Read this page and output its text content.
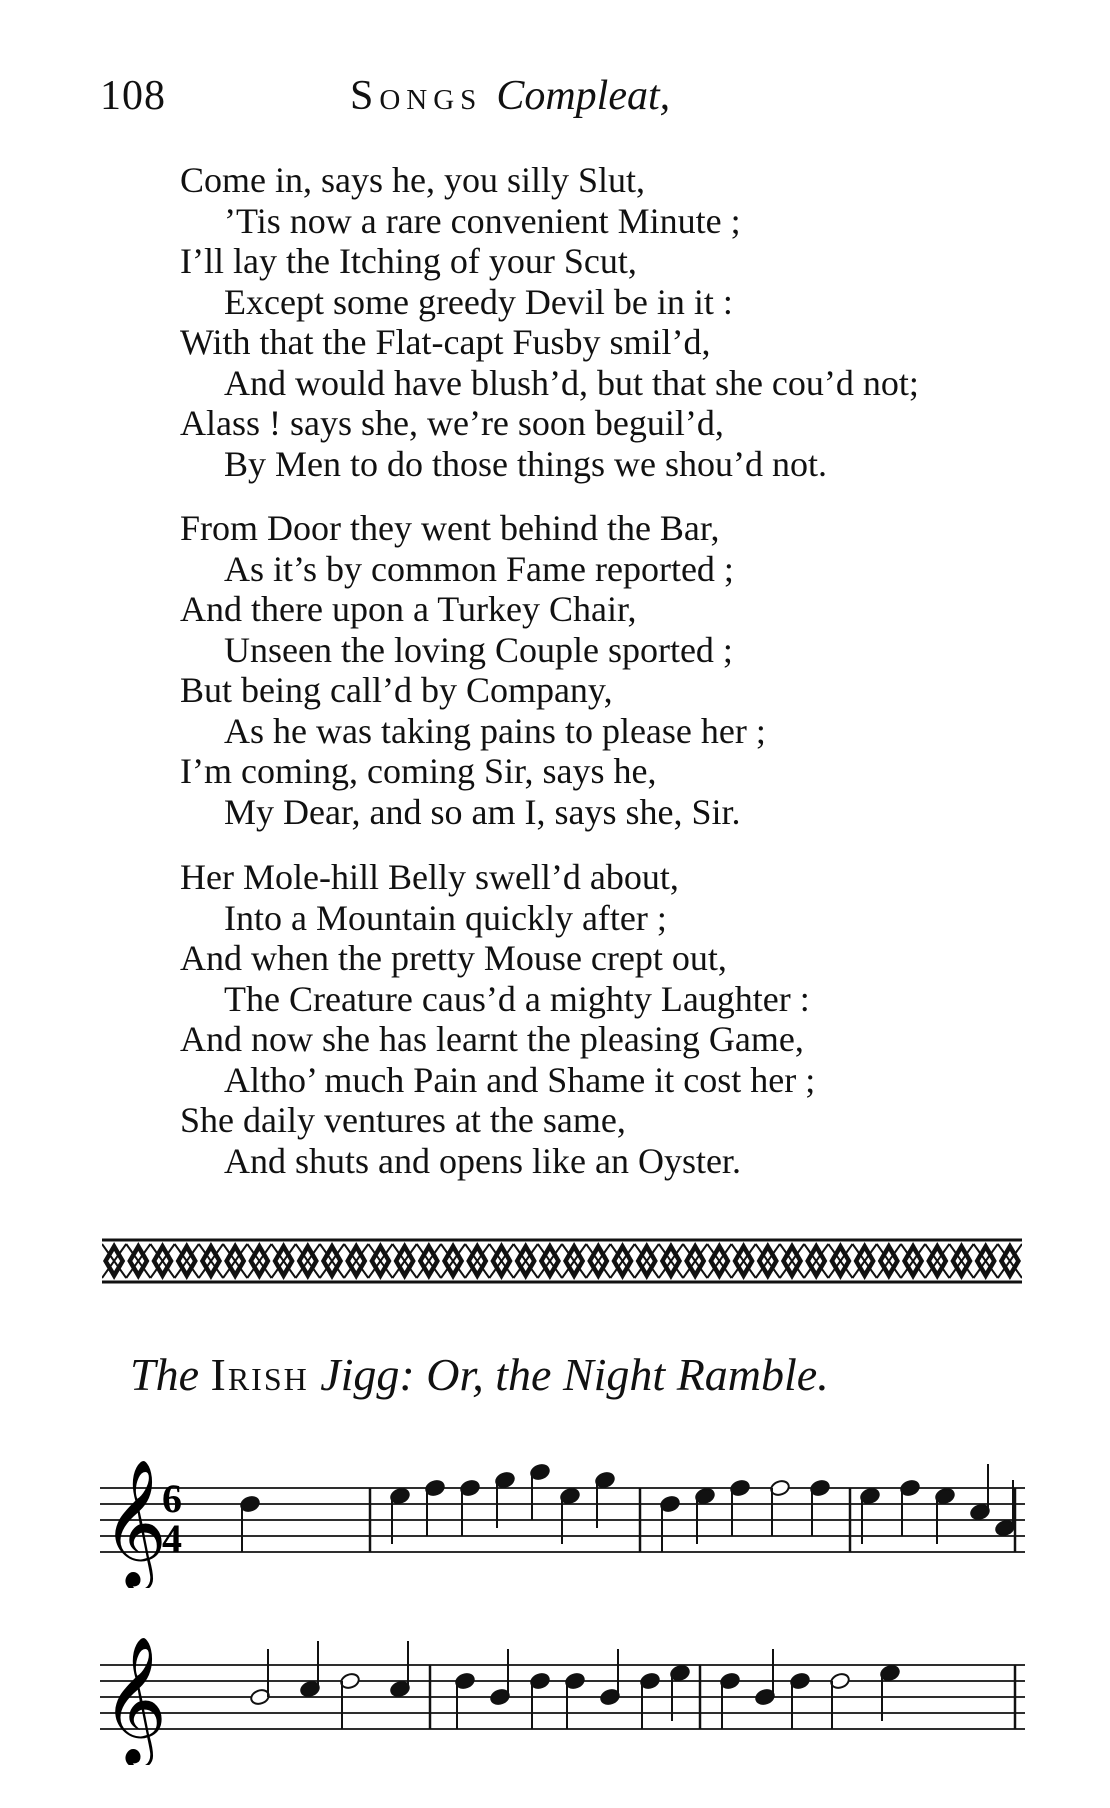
108	Songs Compleat,
Come in, says he, you silly Slut,
’Tis now a rare convenient Minute ;
I’ll lay the Itching of your Scut,
Except some greedy Devil be in it :
With that the Flat-capt Fusby smil’d,
And would have blush’d, but that she cou’d not;
Alass ! says she, we’re soon beguil’d,
By Men to do those things we shou’d not.
From Door they went behind the Bar,
As it’s by common Fame reported ;
And there upon a Turkey Chair,
Unseen the loving Couple sported ;
But being call’d by Company,
As he was taking pains to please her ;
I’m coming, coming Sir, says he,
My Dear, and so am I, says she, Sir.
Her Mole-hill Belly swell’d about,
Into a Mountain quickly after ;
And when the pretty Mouse crept out,
The Creature caus’d a mighty Laughter :
And now she has learnt the pleasing Game,
Altho’ much Pain and Shame it cost her ;
She daily ventures at the same,
And shuts and opens like an Oyster.
The Irish Jigg: Or, the Night Ramble.
𝄞
6
4
𝄞
